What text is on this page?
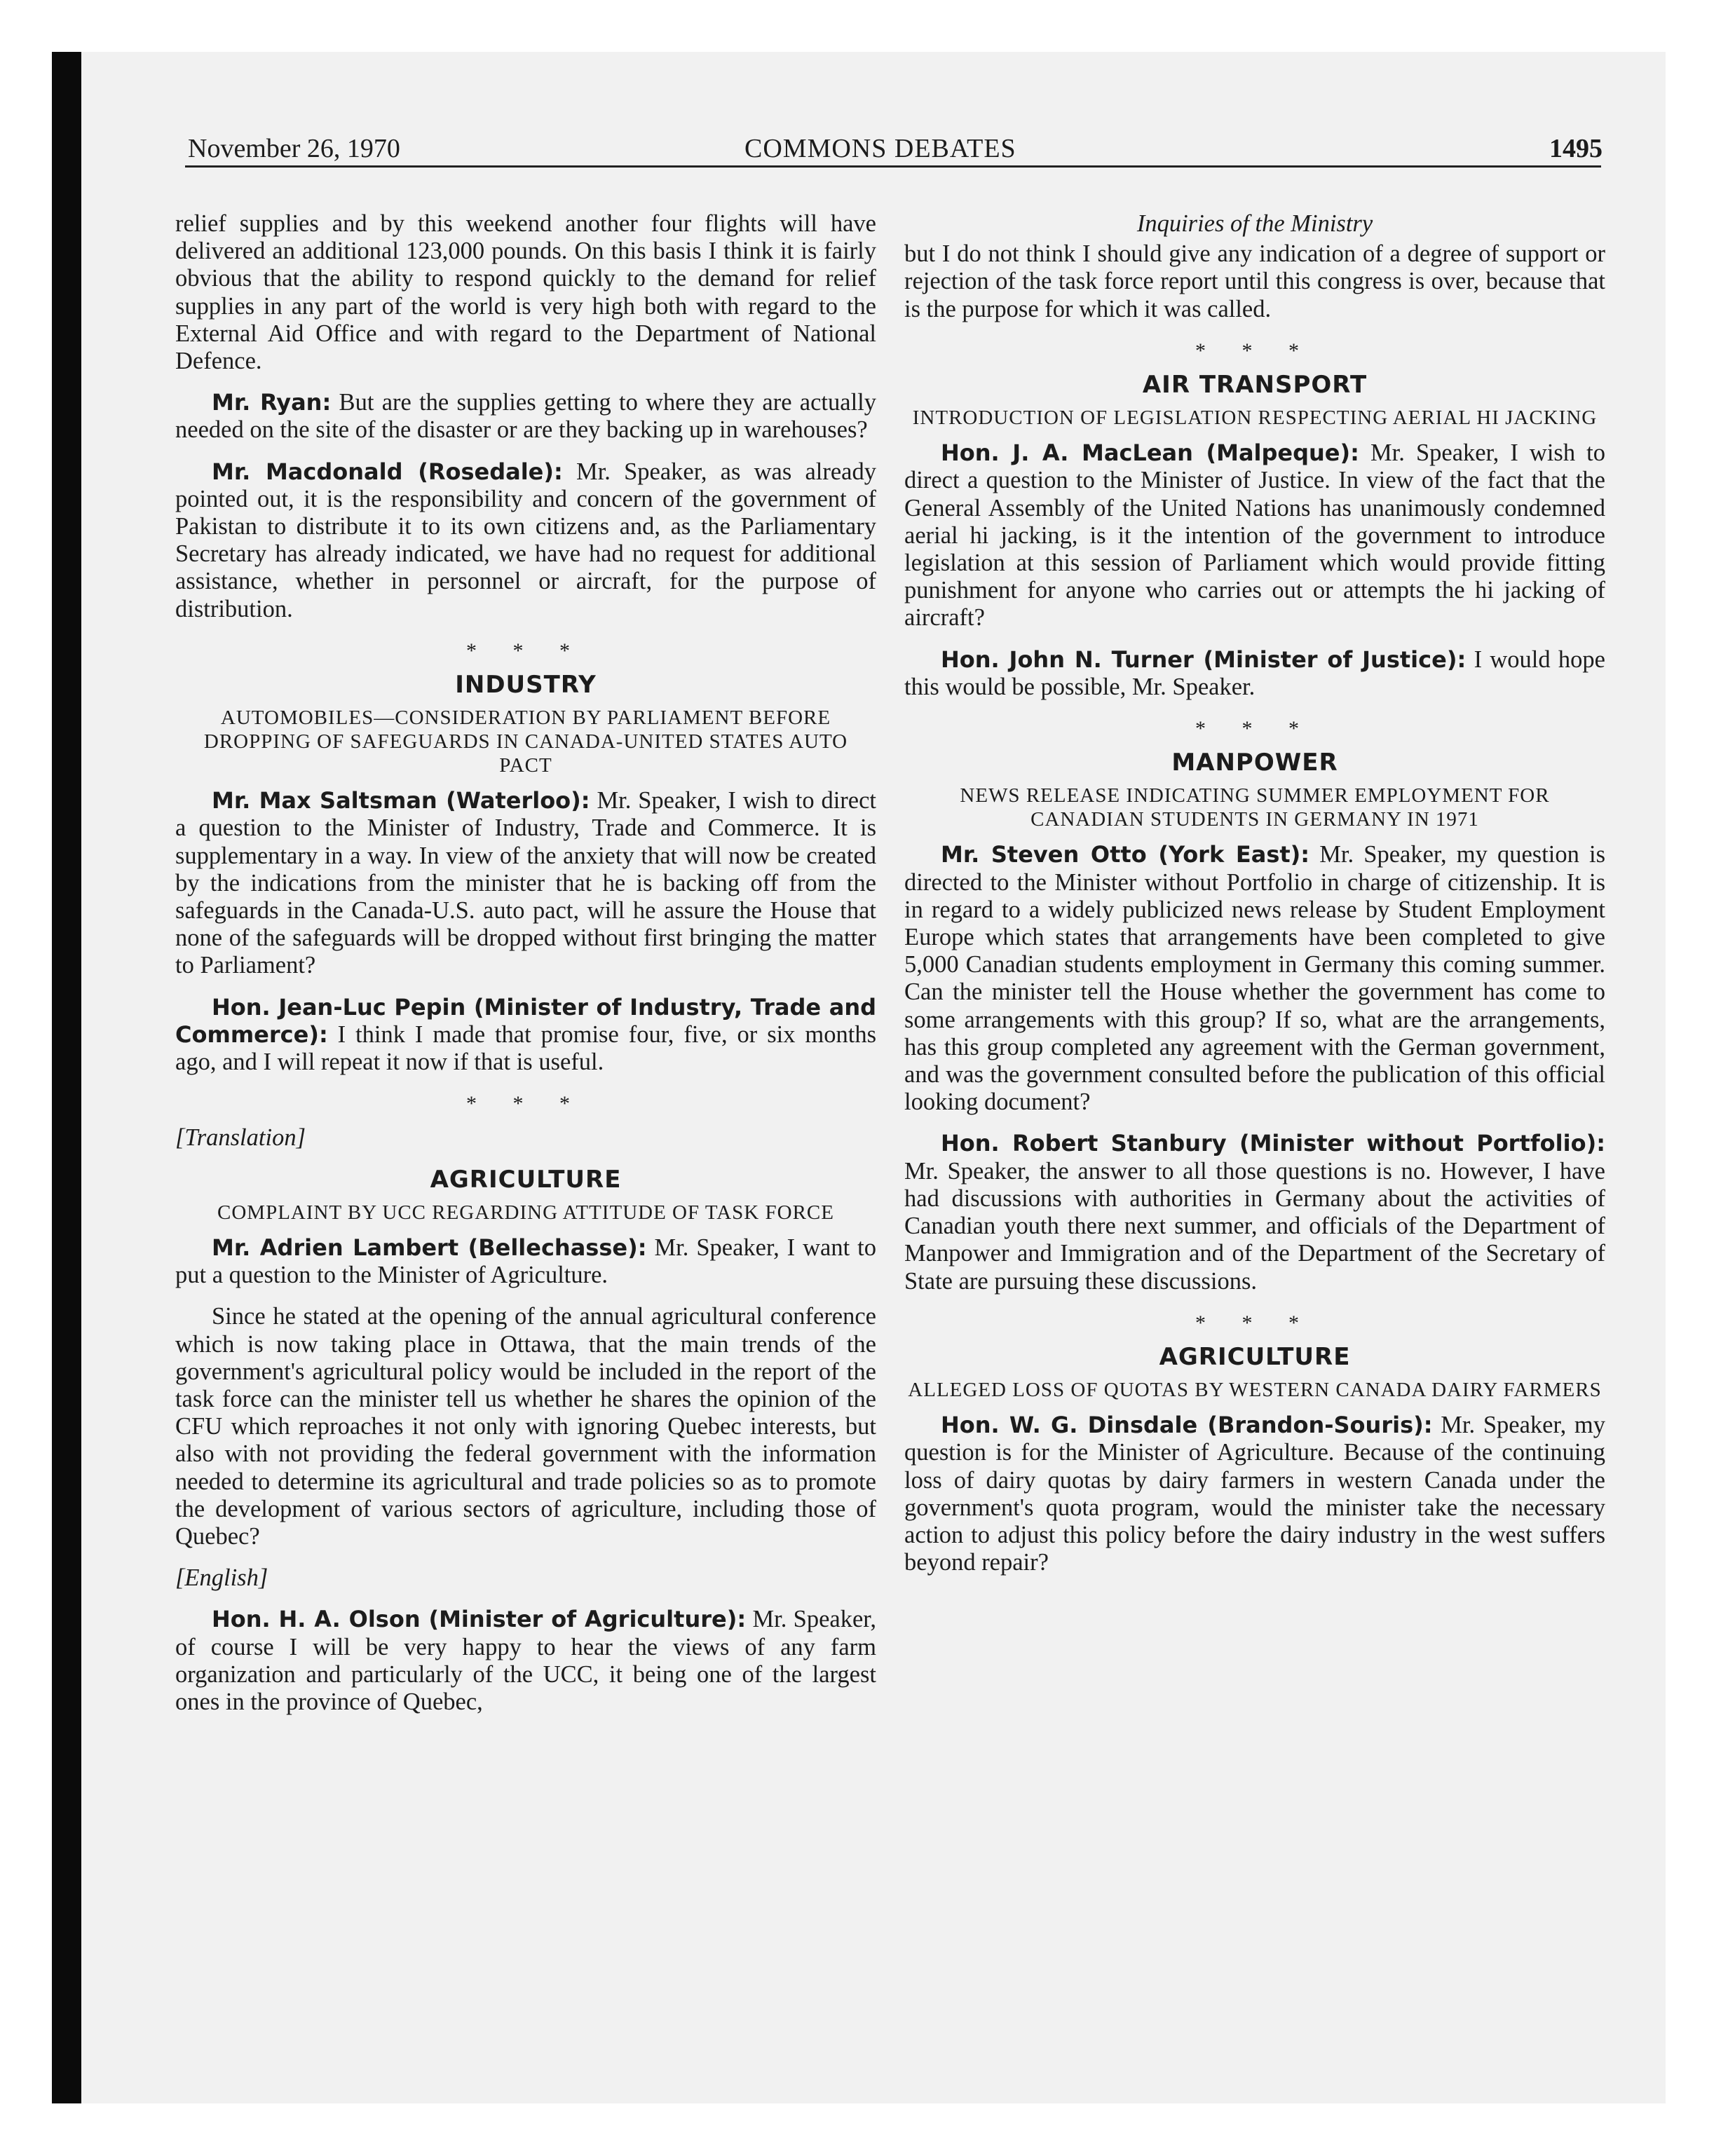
November 26, 1970	COMMONS DEBATES	1495

relief supplies and by this weekend another four flights will have delivered an additional 123,000 pounds. On this basis I think it is fairly obvious that the ability to respond quickly to the demand for relief supplies in any part of the world is very high both with regard to the External Aid Office and with regard to the Department of National Defence.

Mr. Ryan: But are the supplies getting to where they are actually needed on the site of the disaster or are they backing up in warehouses?

Mr. Macdonald (Rosedale): Mr. Speaker, as was already pointed out, it is the responsibility and concern of the government of Pakistan to distribute it to its own citizens and, as the Parliamentary Secretary has already indicated, we have had no request for additional assistance, whether in personnel or aircraft, for the purpose of distribution.

* * *
INDUSTRY
AUTOMOBILES—CONSIDERATION BY PARLIAMENT BEFORE DROPPING OF SAFEGUARDS IN CANADA-UNITED STATES AUTO PACT

Mr. Max Saltsman (Waterloo): Mr. Speaker, I wish to direct a question to the Minister of Industry, Trade and Commerce. It is supplementary in a way. In view of the anxiety that will now be created by the indications from the minister that he is backing off from the safeguards in the Canada-U.S. auto pact, will he assure the House that none of the safeguards will be dropped without first bringing the matter to Parliament?

Hon. Jean-Luc Pepin (Minister of Industry, Trade and Commerce): I think I made that promise four, five, or six months ago, and I will repeat it now if that is useful.

* * *

[Translation]

AGRICULTURE
COMPLAINT BY UCC REGARDING ATTITUDE OF TASK FORCE

Mr. Adrien Lambert (Bellechasse): Mr. Speaker, I want to put a question to the Minister of Agriculture.

Since he stated at the opening of the annual agricultural conference which is now taking place in Ottawa, that the main trends of the government's agricultural policy would be included in the report of the task force can the minister tell us whether he shares the opinion of the CFU which reproaches it not only with ignoring Quebec interests, but also with not providing the federal government with the information needed to determine its agricultural and trade policies so as to promote the development of various sectors of agriculture, including those of Quebec?

[English]

Hon. H. A. Olson (Minister of Agriculture): Mr. Speaker, of course I will be very happy to hear the views of any farm organization and particularly of the UCC, it being one of the largest ones in the province of Quebec,

Inquiries of the Ministry

but I do not think I should give any indication of a degree of support or rejection of the task force report until this congress is over, because that is the purpose for which it was called.

* * *
AIR TRANSPORT
INTRODUCTION OF LEGISLATION RESPECTING AERIAL HI JACKING

Hon. J. A. MacLean (Malpeque): Mr. Speaker, I wish to direct a question to the Minister of Justice. In view of the fact that the General Assembly of the United Nations has unanimously condemned aerial hi jacking, is it the intention of the government to introduce legislation at this session of Parliament which would provide fitting punishment for anyone who carries out or attempts the hi jacking of aircraft?

Hon. John N. Turner (Minister of Justice): I would hope this would be possible, Mr. Speaker.

* * *
MANPOWER
NEWS RELEASE INDICATING SUMMER EMPLOYMENT FOR CANADIAN STUDENTS IN GERMANY IN 1971

Mr. Steven Otto (York East): Mr. Speaker, my question is directed to the Minister without Portfolio in charge of citizenship. It is in regard to a widely publicized news release by Student Employment Europe which states that arrangements have been completed to give 5,000 Canadian students employment in Germany this coming summer. Can the minister tell the House whether the government has come to some arrangements with this group? If so, what are the arrangements, has this group completed any agreement with the German government, and was the government consulted before the publication of this official looking document?

Hon. Robert Stanbury (Minister without Portfolio): Mr. Speaker, the answer to all those questions is no. However, I have had discussions with authorities in Germany about the activities of Canadian youth there next summer, and officials of the Department of Manpower and Immigration and of the Department of the Secretary of State are pursuing these discussions.

* * *
AGRICULTURE
ALLEGED LOSS OF QUOTAS BY WESTERN CANADA DAIRY FARMERS

Hon. W. G. Dinsdale (Brandon-Souris): Mr. Speaker, my question is for the Minister of Agriculture. Because of the continuing loss of dairy quotas by dairy farmers in western Canada under the government's quota program, would the minister take the necessary action to adjust this policy before the dairy industry in the west suffers beyond repair?
